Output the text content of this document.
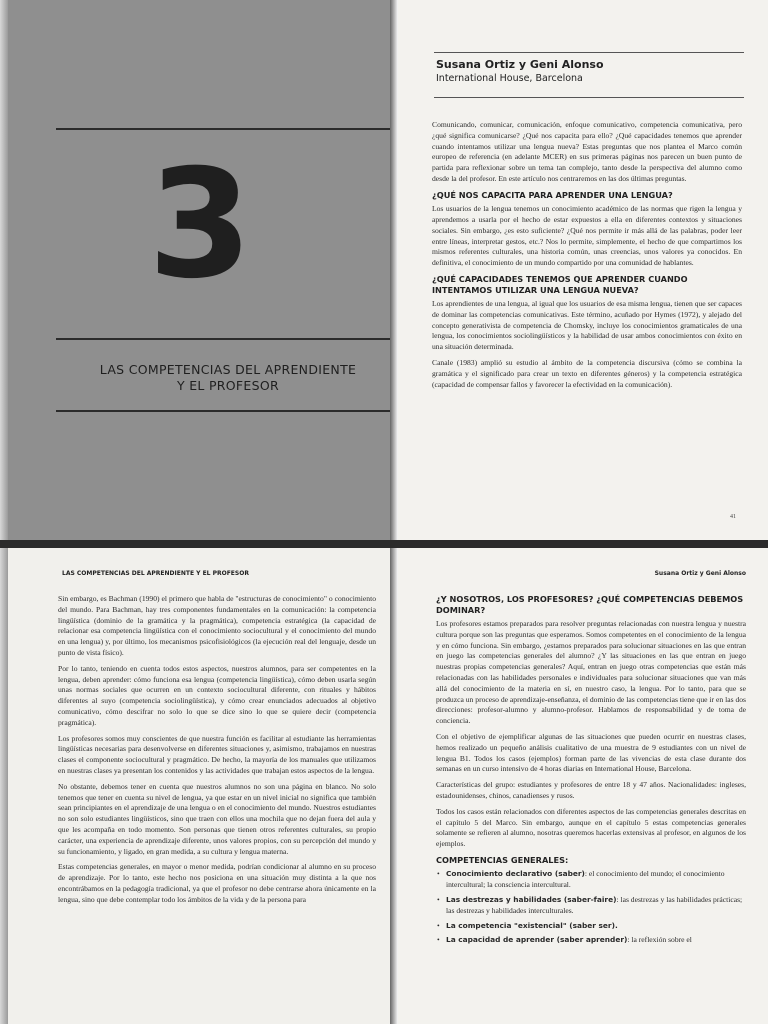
3
LAS COMPETENCIAS DEL APRENDIENTE
Y EL PROFESOR
Susana Ortiz y Geni Alonso
International House, Barcelona

Comunicando, comunicar, comunicación, enfoque comunicativo, competencia comunicativa, pero ¿qué significa comunicarse? ¿Qué nos capacita para ello? ¿Qué capacidades tenemos que aprender cuando intentamos utilizar una lengua nueva? Estas preguntas que nos plantea el Marco común europeo de referencia (en adelante MCER) en sus primeras páginas nos parecen un buen punto de partida para reflexionar sobre un tema tan complejo, tanto desde la perspectiva del alumno como desde la del profesor. En este artículo nos centraremos en las dos últimas preguntas.

¿QUÉ NOS CAPACITA PARA APRENDER UNA LENGUA?

Los usuarios de la lengua tenemos un conocimiento académico de las normas que rigen la lengua y aprendemos a usarla por el hecho de estar expuestos a ella en diferentes contextos y situaciones sociales. Sin embargo, ¿es esto suficiente? ¿Qué nos permite ir más allá de las palabras, poder leer entre líneas, interpretar gestos, etc.? Nos lo permite, simplemente, el hecho de que compartimos los mismos referentes culturales, una historia común, unas creencias, unos valores ya conocidos. En definitiva, el conocimiento de un mundo compartido por una comunidad de hablantes.

¿QUÉ CAPACIDADES TENEMOS QUE APRENDER CUANDO INTENTAMOS UTILIZAR UNA LENGUA NUEVA?

Los aprendientes de una lengua, al igual que los usuarios de esa misma lengua, tienen que ser capaces de dominar las competencias comunicativas. Este término, acuñado por Hymes (1972), y alejado del concepto generativista de competencia de Chomsky, incluye los conocimientos gramaticales de una lengua, los conocimientos sociolingüísticos y la habilidad de usar ambos conocimientos con éxito en una situación determinada.

Canale (1983) amplió su estudio al ámbito de la competencia discursiva (cómo se combina la gramática y el significado para crear un texto en diferentes géneros) y la competencia estratégica (capacidad de compensar fallos y favorecer la efectividad en la comunicación).

41
LAS COMPETENCIAS DEL APRENDIENTE Y EL PROFESOR

Sin embargo, es Bachman (1990) el primero que habla de "estructuras de conocimiento" o conocimiento del mundo. Para Bachman, hay tres componentes fundamentales en la comunicación: la competencia lingüística (dominio de la gramática y la pragmática), competencia estratégica (la capacidad de relacionar esa competencia lingüística con el conocimiento sociocultural y el conocimiento del mundo en una lengua) y, por último, los mecanismos psicofisiológicos (la ejecución real del lenguaje, desde un punto de vista físico).

Por lo tanto, teniendo en cuenta todos estos aspectos, nuestros alumnos, para ser competentes en la lengua, deben aprender: cómo funciona esa lengua (competencia lingüística), cómo deben usarla según unas normas sociales que ocurren en un contexto sociocultural diferente, con rituales y hábitos diferentes al suyo (competencia sociolingüística), y cómo crear enunciados adecuados al objetivo comunicativo, cómo descifrar no solo lo que se dice sino lo que se quiere decir (competencia pragmática).

Los profesores somos muy conscientes de que nuestra función es facilitar al estudiante las herramientas lingüísticas necesarias para desenvolverse en diferentes situaciones y, asimismo, trabajamos en nuestras clases el componente sociocultural y pragmático. De hecho, la mayoría de los manuales que utilizamos en nuestras clases ya presentan los contenidos y las actividades que trabajan estos aspectos de la lengua.

No obstante, debemos tener en cuenta que nuestros alumnos no son una página en blanco. No solo tenemos que tener en cuenta su nivel de lengua, ya que estar en un nivel inicial no significa que también sean principiantes en el aprendizaje de una lengua o en el conocimiento del mundo. Nuestros estudiantes no son solo estudiantes lingüísticos, sino que traen con ellos una mochila que no dejan fuera del aula y que les acompaña en todo momento. Son personas que tienen otros referentes culturales, su propio carácter, una experiencia de aprendizaje diferente, unos valores propios, con su percepción del mundo y su funcionamiento, y ligado, en gran medida, a su cultura y lengua materna.

Estas competencias generales, en mayor o menor medida, podrían condicionar al alumno en su proceso de aprendizaje. Por lo tanto, este hecho nos posiciona en una situación muy distinta a la que nos encontrábamos en la pedagogía tradicional, ya que el profesor no debe centrarse ahora únicamente en la lengua, sino que debe contemplar todo los ámbitos de la vida y de la persona para

Susana Ortiz y Geni Alonso
¿Y NOSOTROS, LOS PROFESORES? ¿QUÉ COMPETENCIAS DEBEMOS DOMINAR?

Los profesores estamos preparados para resolver preguntas relacionadas con nuestra lengua y nuestra cultura porque son las preguntas que esperamos. Somos competentes en el conocimiento de la lengua y en cómo funciona. Sin embargo, ¿estamos preparados para solucionar situaciones en las que entran en juego las competencias generales del alumno? ¿Y las situaciones en las que entran en juego nuestras propias competencias generales? Aquí, entran en juego otras competencias que están más relacionadas con las habilidades personales e individuales para solucionar situaciones que van más allá del conocimiento de la materia en sí, en nuestro caso, la lengua. Por lo tanto, para que se produzca un proceso de aprendizaje-enseñanza, el dominio de las competencias tiene que ir en las dos direcciones: profesor-alumno y alumno-profesor. Hablamos de responsabilidad y de toma de conciencia.

Con el objetivo de ejemplificar algunas de las situaciones que pueden ocurrir en nuestras clases, hemos realizado un pequeño análisis cualitativo de una muestra de 9 estudiantes con un nivel de lengua B1. Todos los casos (ejemplos) forman parte de las vivencias de esta clase durante dos semanas en un curso intensivo de 4 horas diarias en International House, Barcelona.

Características del grupo: estudiantes y profesores de entre 18 y 47 años. Nacionalidades: ingleses, estadounidenses, chinos, canadienses y rusos.

Todos los casos están relacionados con diferentes aspectos de las competencias generales descritas en el capítulo 5 del Marco. Sin embargo, aunque en el capítulo 5 estas competencias generales solamente se refieren al alumno, nosotras queremos hacerlas extensivas al profesor, en algunos de los ejemplos.

COMPETENCIAS GENERALES:
• Conocimiento declarativo (saber): el conocimiento del mundo; el conocimiento intercultural; la consciencia intercultural.
• Las destrezas y habilidades (saber-faire): las destrezas y las habilidades prácticas; las destrezas y habilidades interculturales.
• La competencia "existencial" (saber ser).
• La capacidad de aprender (saber aprender): la reflexión sobre el
